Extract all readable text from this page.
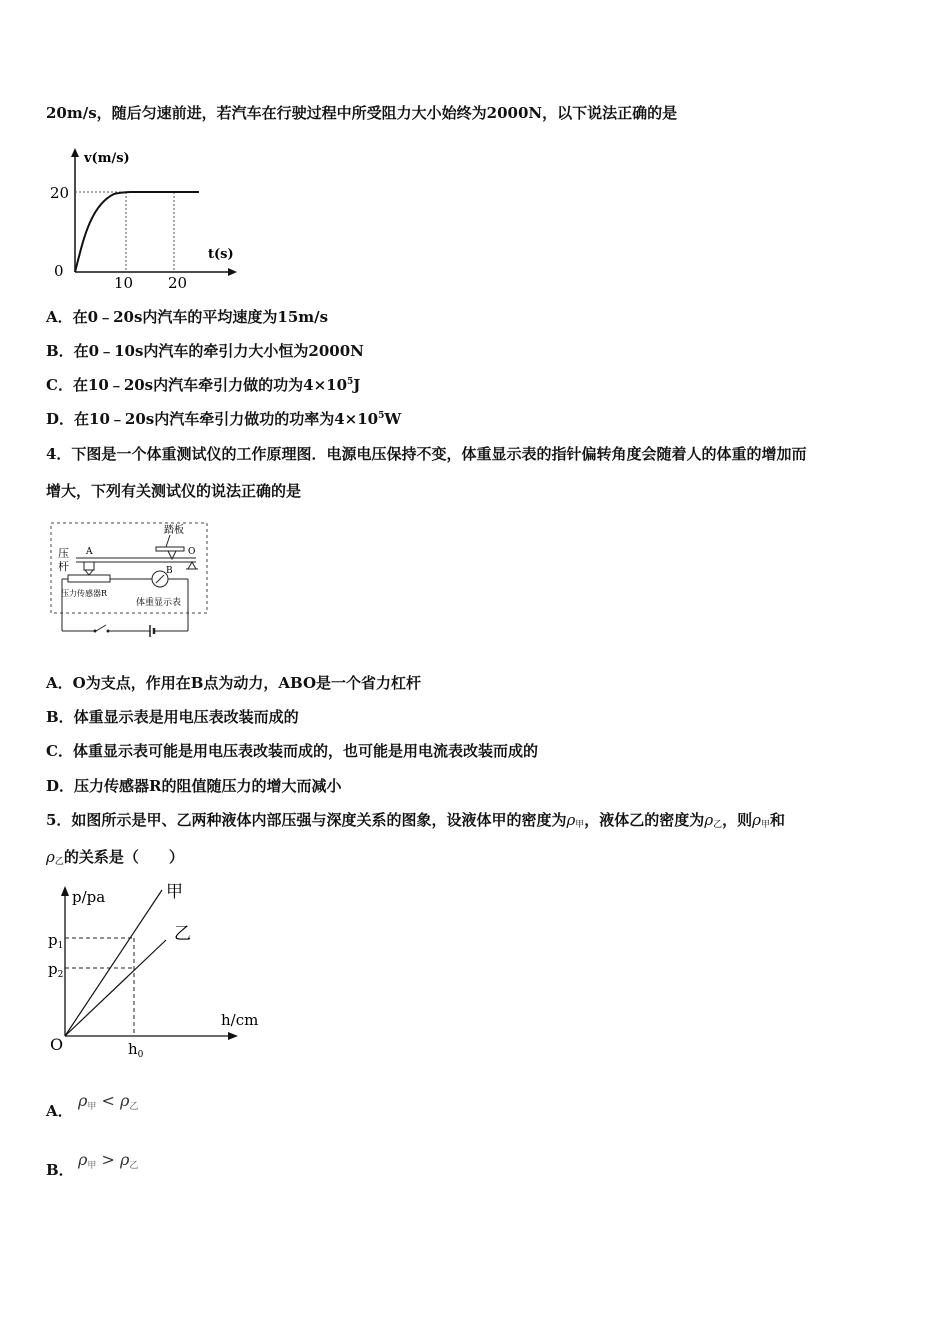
20m/s，随后匀速前进，若汽车在行驶过程中所受阻力大小始终为2000N，以下说法正确的是
v(m/s)
t(s)
20
0
10 20
A．在0﹣20s内汽车的平均速度为15m/s
B．在0﹣10s内汽车的牵引力大小恒为2000N
C．在10﹣20s内汽车牵引力做的功为$4\times 10^5J$
D．在10﹣20s内汽车牵引力做功的功率为$4\times 10^5W$
4．下图是一个体重测试仪的工作原理图．电源电压保持不变，体重显示表的指针偏转角度会随着人的体重的增加而
增大，下列有关测试仪的说法正确的是
踏板
压
杆
A
B
O
压力传感器R
体重显示表
A．O为支点，作用在B点为动力，ABO是一个省力杠杆
B．体重显示表是用电压表改装而成的
C．体重显示表可能是用电压表改装而成的，也可能是用电流表改装而成的
D．压力传感器R的阻值随压力的增大而减小
5．如图所示是甲、乙两种液体内部压强与深度关系的图象，设液体甲的密度为$\rho_甲$，液体乙的密度为$\rho_乙$，则$\rho_甲$和
$\rho_乙$的关系是（　　）
p/pa
h/cm
O
甲
乙
$p_1$
$p_2$
$h_0$
A．
$\rho_甲 < \rho_乙$
B．
$\rho_甲 > \rho_乙$
